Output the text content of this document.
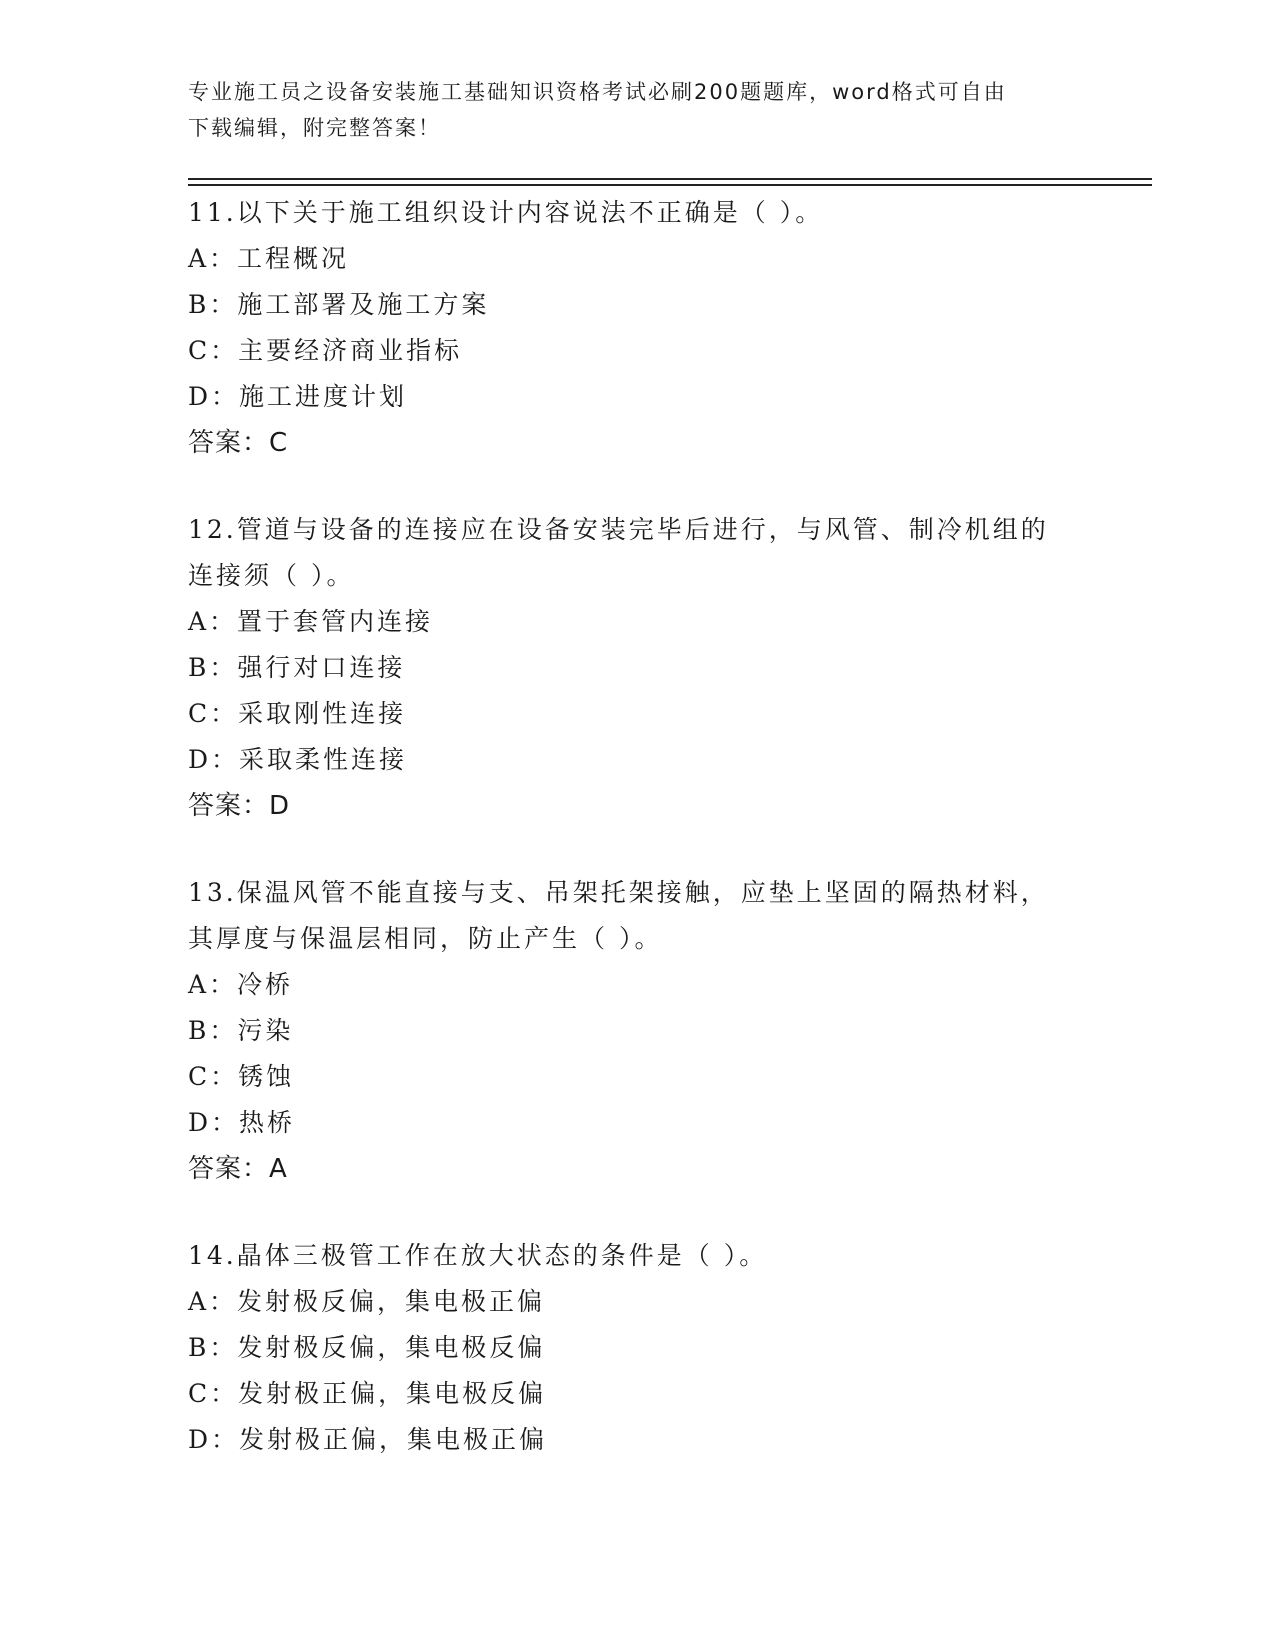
专业施工员之设备安装施工基础知识资格考试必刷200题题库，word格式可自由
下载编辑，附完整答案！
11.以下关于施工组织设计内容说法不正确是（ ）。
A：工程概况
B：施工部署及施工方案
C：主要经济商业指标
D：施工进度计划
答案：C
12.管道与设备的连接应在设备安装完毕后进行，与风管、制冷机组的
连接须（ ）。
A：置于套管内连接
B：强行对口连接
C：采取刚性连接
D：采取柔性连接
答案：D
13.保温风管不能直接与支、吊架托架接触，应垫上坚固的隔热材料，
其厚度与保温层相同，防止产生（ ）。
A：冷桥
B：污染
C：锈蚀
D：热桥
答案：A
14.晶体三极管工作在放大状态的条件是（ ）。
A：发射极反偏，集电极正偏
B：发射极反偏，集电极反偏
C：发射极正偏，集电极反偏
D：发射极正偏，集电极正偏
